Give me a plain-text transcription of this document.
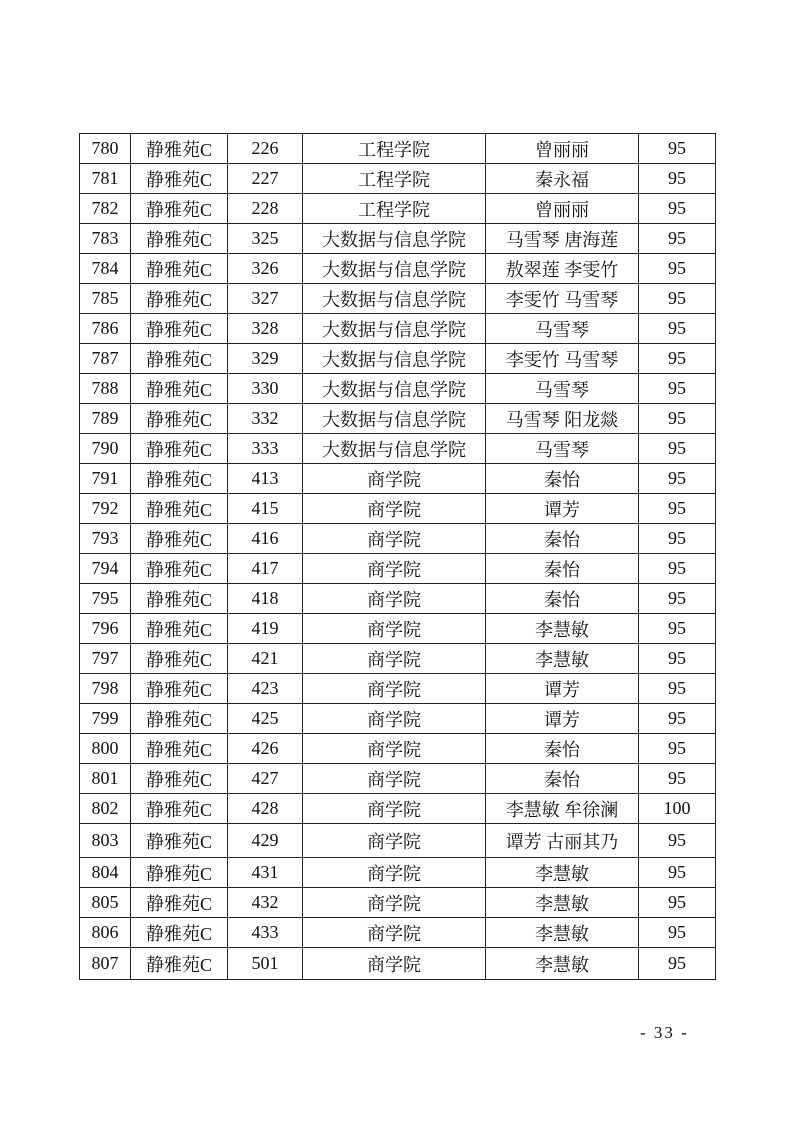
780	静雅苑C	226	工程学院	曾丽丽	95
781	静雅苑C	227	工程学院	秦永福	95
782	静雅苑C	228	工程学院	曾丽丽	95
783	静雅苑C	325	大数据与信息学院	马雪琴 唐海莲	95
784	静雅苑C	326	大数据与信息学院	敖翠莲 李雯竹	95
785	静雅苑C	327	大数据与信息学院	李雯竹 马雪琴	95
786	静雅苑C	328	大数据与信息学院	马雪琴	95
787	静雅苑C	329	大数据与信息学院	李雯竹 马雪琴	95
788	静雅苑C	330	大数据与信息学院	马雪琴	95
789	静雅苑C	332	大数据与信息学院	马雪琴 阳龙燚	95
790	静雅苑C	333	大数据与信息学院	马雪琴	95
791	静雅苑C	413	商学院	秦怡	95
792	静雅苑C	415	商学院	谭芳	95
793	静雅苑C	416	商学院	秦怡	95
794	静雅苑C	417	商学院	秦怡	95
795	静雅苑C	418	商学院	秦怡	95
796	静雅苑C	419	商学院	李慧敏	95
797	静雅苑C	421	商学院	李慧敏	95
798	静雅苑C	423	商学院	谭芳	95
799	静雅苑C	425	商学院	谭芳	95
800	静雅苑C	426	商学院	秦怡	95
801	静雅苑C	427	商学院	秦怡	95
802	静雅苑C	428	商学院	李慧敏 牟徐澜	100
803	静雅苑C	429	商学院	谭芳 古丽其乃	95
804	静雅苑C	431	商学院	李慧敏	95
805	静雅苑C	432	商学院	李慧敏	95
806	静雅苑C	433	商学院	李慧敏	95
807	静雅苑C	501	商学院	李慧敏	95
- 33 -
